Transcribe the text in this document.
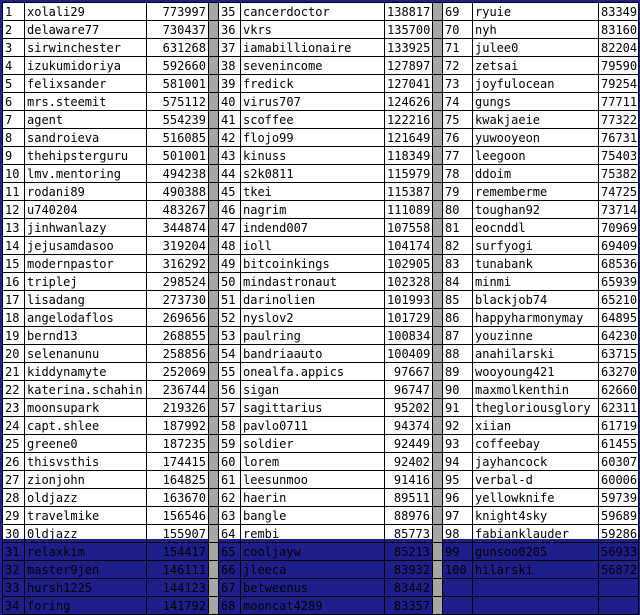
1	xolali29	773997		35	cancerdoctor	138817		69	ryuie	83349
2	delaware77	730437		36	vkrs	135700		70	nyh	83160
3	sirwinchester	631268		37	iamabillionaire	133925		71	julee0	82204
4	izukumidoriya	592660		38	sevenincome	127897		72	zetsai	79590
5	felixsander	581001		39	fredick	127041		73	joyfulocean	79254
6	mrs.steemit	575112		40	virus707	124626		74	gungs	77711
7	agent	554239		41	scoffee	122216		75	kwakjaeie	77322
8	sandroieva	516085		42	flojo99	121649		76	yuwooyeon	76731
9	thehipsterguru	501001		43	kinuss	118349		77	leegoon	75403
10	lmv.mentoring	494238		44	s2k0811	115979		78	ddoim	75382
11	rodani89	490388		45	tkei	115387		79	rememberme	74725
12	u740204	483267		46	nagrim	111089		80	toughan92	73714
13	jinhwanlazy	344874		47	indend007	107558		81	eocnddl	70969
14	jejusamdasoo	319204		48	ioll	104174		82	surfyogi	69409
15	modernpastor	316292		49	bitcoinkings	102905		83	tunabank	68536
16	triplej	298524		50	mindastronaut	102328		84	minmi	65939
17	lisadang	273730		51	darinolien	101993		85	blackjob74	65210
18	angelodaflos	269656		52	nyslov2	101729		86	happyharmonymay	64895
19	bernd13	268855		53	paulring	100834		87	youzinne	64230
20	selenanunu	258856		54	bandriaauto	100409		88	anahilarski	63715
21	kiddynamyte	252069		55	onealfa.appics	97667		89	wooyoung421	63270
22	katerina.schahin	236744		56	sigan	96747		90	maxmolkenthin	62660
23	moonsupark	219326		57	sagittarius	95202		91	thegloriousglory	62311
24	capt.shlee	187992		58	pavlo0711	94374		92	xiian	61719
25	greene0	187235		59	soldier	92449		93	coffeebay	61455
26	thisvsthis	174415		60	lorem	92402		94	jayhancock	60307
27	zionjohn	164825		61	leesunmoo	91416		95	verbal-d	60006
28	oldjazz	163670		62	haerin	89511		96	yellowknife	59739
29	travelmike	156546		63	bangle	88976		97	knight4sky	59689
30	0ldjazz	155907		64	rembi	85773		98	fabianklauder	59286
31	relaxkim	154417		65	cooljayw	85213		99	gunsoo0205	56933
32	master9jen	146111		66	jleeca	83932		100	hilarski	56872
33	hursh1225	144123		67	betweenus	83442				
34	foring	141792		68	mooncat4289	83357				
